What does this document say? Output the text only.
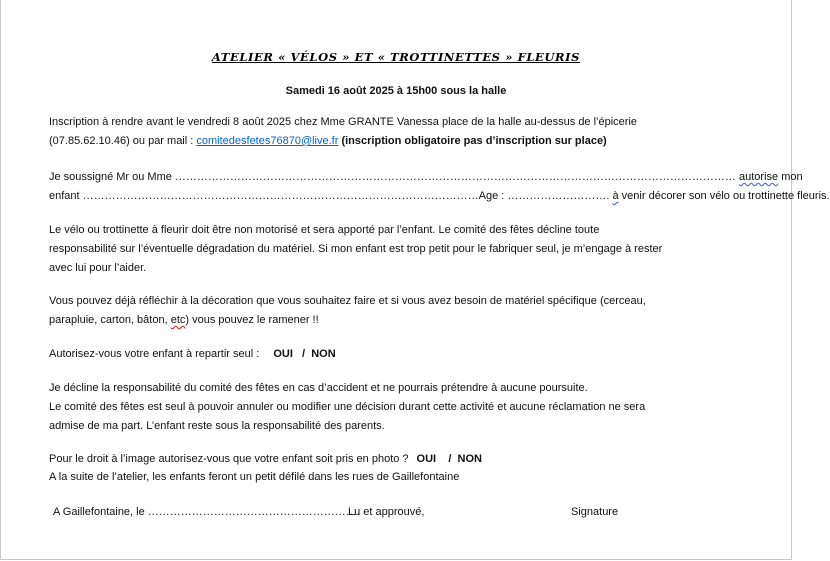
ATELIER « VÉLOS » ET « TROTTINETTES » FLEURIS
Samedi 16 août 2025 à 15h00 sous la halle
Inscription à rendre avant le vendredi 8 août 2025 chez Mme GRANTE Vanessa place de la halle au-dessus de l’épicerie
(07.85.62.10.46) ou par mail : comitedesfetes76870@live.fr (inscription obligatoire pas d’inscription sur place)
Je soussigné Mr ou Mme ……………………………………………………………………………………………………………………………………… autorise mon
enfant ………………………………………………………………………………………………Age : ………………………. à venir décorer son vélo ou trottinette fleuris.
Le vélo ou trottinette à fleurir doit être non motorisé et sera apporté par l’enfant. Le comité des fêtes décline toute
responsabilité sur l’éventuelle dégradation du matériel. Si mon enfant est trop petit pour le fabriquer seul, je m’engage à rester
avec lui pour l’aider.
Vous pouvez déjà réfléchir à la décoration que vous souhaitez faire et si vous avez besoin de matériel spécifique (cerceau,
parapluie, carton, bâton, etc) vous pouvez le ramener !!
Autorisez-vous votre enfant à repartir seul : OUI   /  NON
Je décline la responsabilité du comité des fêtes en cas d’accident et ne pourrais prétendre à aucune poursuite.
Le comité des fêtes est seul à pouvoir annuler ou modifier une décision durant cette activité et aucune réclamation ne sera
admise de ma part. L’enfant reste sous la responsabilité des parents.
Pour le droit à l’image autorisez-vous que votre enfant soit pris en photo ? OUI    /  NON
A la suite de l’atelier, les enfants feront un petit défilé dans les rues de Gaillefontaine
A Gaillefontaine, le ………………………………………………….
Lu et approuvé,	Signature
